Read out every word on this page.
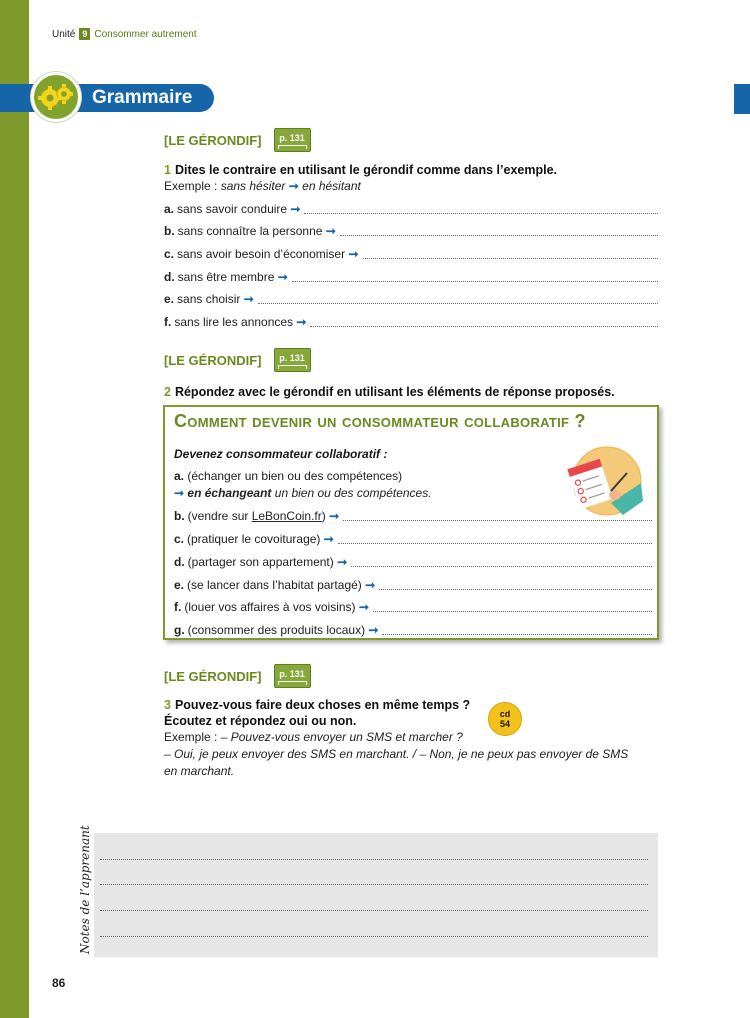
Unité 9 Consommer autrement
Grammaire
[LE GÉRONDIF] p. 131
1 Dites le contraire en utilisant le gérondif comme dans l’exemple.
Exemple : sans hésiter ➞ en hésitant
a. sans savoir conduire ➞
b. sans connaître la personne ➞
c. sans avoir besoin d’économiser ➞
d. sans être membre ➞
e. sans choisir ➞
f. sans lire les annonces ➞
[LE GÉRONDIF] p. 131
2 Répondez avec le gérondif en utilisant les éléments de réponse proposés.
Comment devenir un consommateur collaboratif ?
Devenez consommateur collaboratif :
a. (échanger un bien ou des compétences)
➞ en échangeant un bien ou des compétences.
b. (vendre sur LeBonCoin.fr) ➞
c. (pratiquer le covoiturage) ➞
d. (partager son appartement) ➞
e. (se lancer dans l’habitat partagé) ➞
f. (louer vos affaires à vos voisins) ➞
g. (consommer des produits locaux) ➞
[LE GÉRONDIF] p. 131
3 Pouvez-vous faire deux choses en même temps ?
Écoutez et répondez oui ou non.	cd
54
Exemple : – Pouvez-vous envoyer un SMS et marcher ?
– Oui, je peux envoyer des SMS en marchant. / – Non, je ne peux pas envoyer de SMS
en marchant.
Notes de l’apprenant
86
